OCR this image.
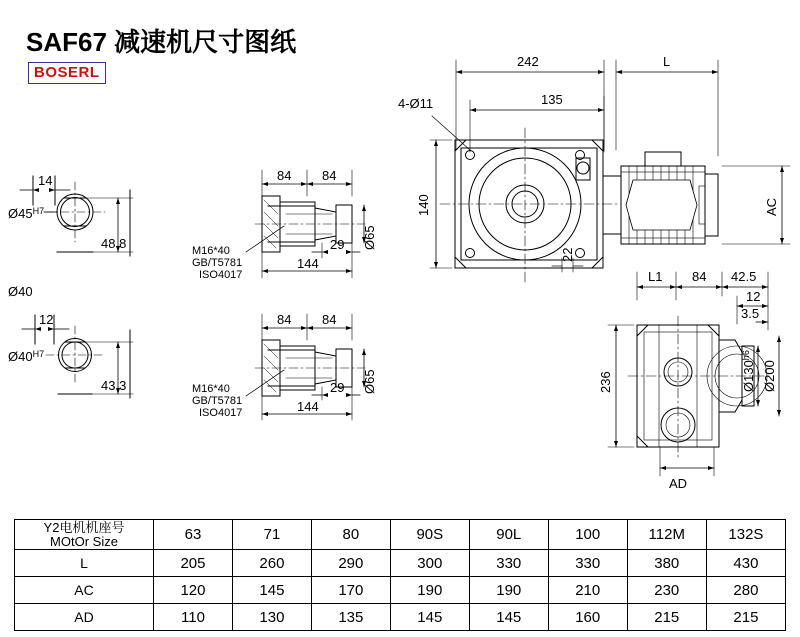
SAF67 减速机尺寸图纸
BOSERL
14
$Ø45^{H7}$
48.8
Ø40
12
$Ø40^{H7}$
43.3
84 84
M16*40
GB/T5781
ISO4017
29
144
Ø65
84 84
M16*40
GB/T5781
ISO4017
29
144
Ø65
242	L
4-Ø11	135
140
22
AC
L1 84 42.5
12
3.5
236	$Ø130^{h6}$
Ø200
AD
Y2电机机座号
MOtOr Size	63	71	80	90S	90L	100	112M	132S
L	205	260	290	300	330	330	380	430
AC	120	145	170	190	190	210	230	280
AD	110	130	135	145	145	160	215	215
